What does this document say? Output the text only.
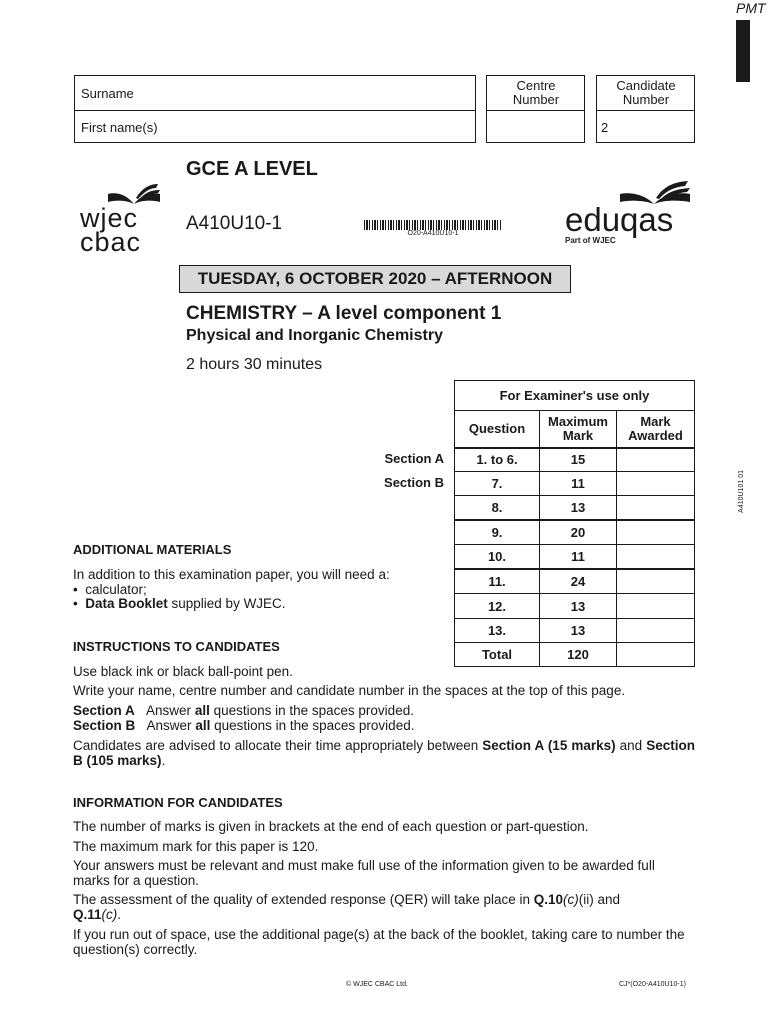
PMT
Surname
First name(s)
Centre Number
Candidate Number
2
wjec
cbac
eduqas
Part of WJEC
GCE A LEVEL
A410U10-1	O20-A410U10-1
TUESDAY, 6 OCTOBER 2020 – AFTERNOON
CHEMISTRY – A level component 1
Physical and Inorganic Chemistry
2 hours 30 minutes
Section A
Section B
For Examiner's use only		
Question	Maximum Mark	Mark Awarded
1. to 6.	15	
7.	11	
8.	13	
9.	20	
10.	11	
11.	24	
12.	13	
13.	13	
Total	120	
ADDITIONAL MATERIALS
In addition to this examination paper, you will need a:
•  calculator;
•  Data Booklet supplied by WJEC.
INSTRUCTIONS TO CANDIDATES
Use black ink or black ball-point pen.
Write your name, centre number and candidate number in the spaces at the top of this page.
Section A Answer all questions in the spaces provided.
Section B Answer all questions in the spaces provided.
Candidates are advised to allocate their time appropriately between Section A (15 marks) and Section B (105 marks).
INFORMATION FOR CANDIDATES
The number of marks is given in brackets at the end of each question or part-question.
The maximum mark for this paper is 120.
Your answers must be relevant and must make full use of the information given to be awarded full marks for a question.
The assessment of the quality of extended response (QER) will take place in Q.10(c)(ii) and
Q.11(c).
If you run out of space, use the additional page(s) at the back of the booklet, taking care to number the question(s) correctly.
© WJEC CBAC Ltd.	CJ*(O20-A410U10-1)
A410U101 01
